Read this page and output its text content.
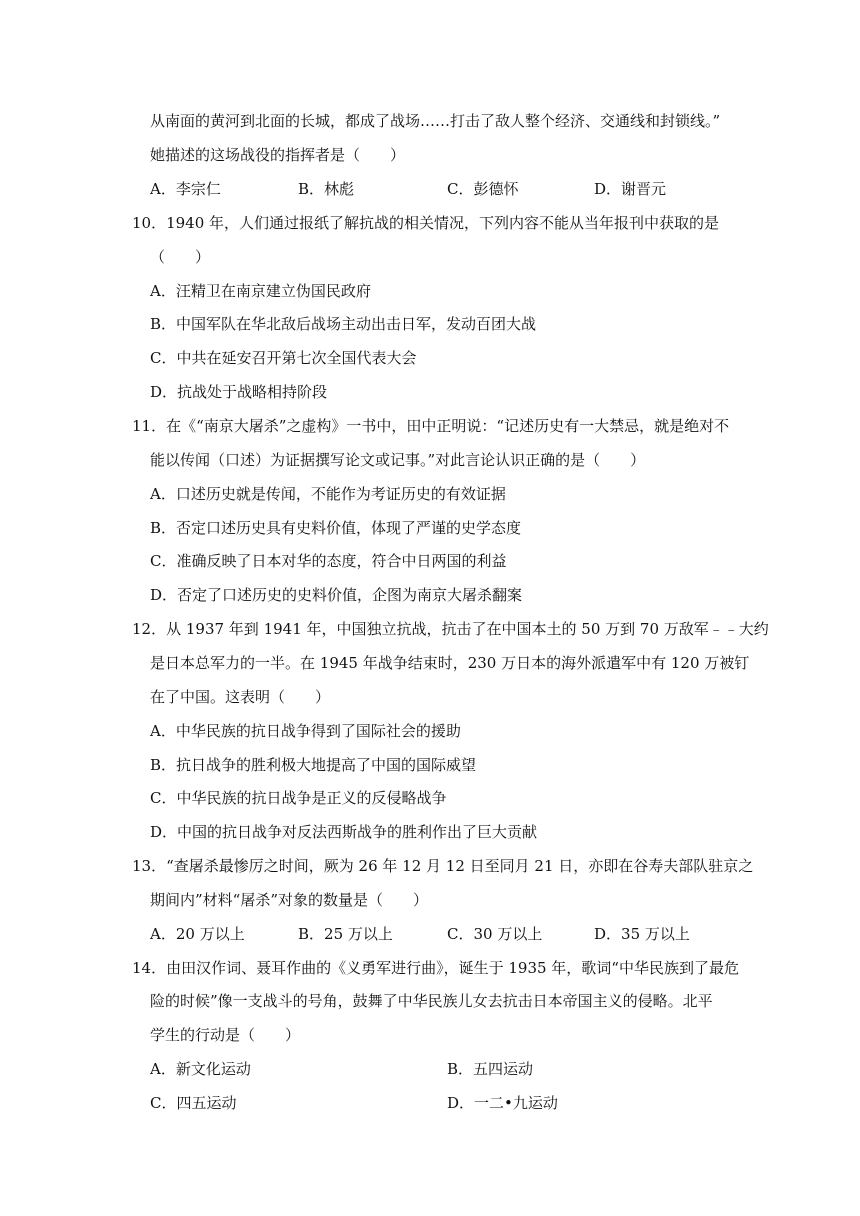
从南面的黄河到北面的长城，都成了战场……打击了敌人整个经济、交通线和封锁线。”
她描述的这场战役的指挥者是（　　）
A．李宗仁	B．林彪	C．彭德怀	D．谢晋元
10．1940 年，人们通过报纸了解抗战的相关情况，下列内容不能从当年报刊中获取的是
（　　）
A．汪精卫在南京建立伪国民政府
B．中国军队在华北敌后战场主动出击日军，发动百团大战
C．中共在延安召开第七次全国代表大会
D．抗战处于战略相持阶段
11．在《“南京大屠杀”之虚构》一书中，田中正明说：“记述历史有一大禁忌，就是绝对不
能以传闻（口述）为证据撰写论文或记事。”对此言论认识正确的是（　　）
A．口述历史就是传闻，不能作为考证历史的有效证据
B．否定口述历史具有史料价值，体现了严谨的史学态度
C．准确反映了日本对华的态度，符合中日两国的利益
D．否定了口述历史的史料价值，企图为南京大屠杀翻案
12．从 1937 年到 1941 年，中国独立抗战，抗击了在中国本土的 50 万到 70 万敌军﹣﹣大约
是日本总军力的一半。在 1945 年战争结束时，230 万日本的海外派遣军中有 120 万被钉
在了中国。这表明（　　）
A．中华民族的抗日战争得到了国际社会的援助
B．抗日战争的胜利极大地提高了中国的国际威望
C．中华民族的抗日战争是正义的反侵略战争
D．中国的抗日战争对反法西斯战争的胜利作出了巨大贡献
13．“查屠杀最惨厉之时间，厥为 26 年 12 月 12 日至同月 21 日，亦即在谷寿夫部队驻京之
期间内”材料“屠杀”对象的数量是（　　）
A．20 万以上	B．25 万以上	C．30 万以上	D．35 万以上
14．由田汉作词、聂耳作曲的《义勇军进行曲》，诞生于 1935 年，歌词“中华民族到了最危
险的时候”像一支战斗的号角，鼓舞了中华民族儿女去抗击日本帝国主义的侵略。北平
学生的行动是（　　）
A．新文化运动	B．五四运动
C．四五运动	D．一二•九运动
